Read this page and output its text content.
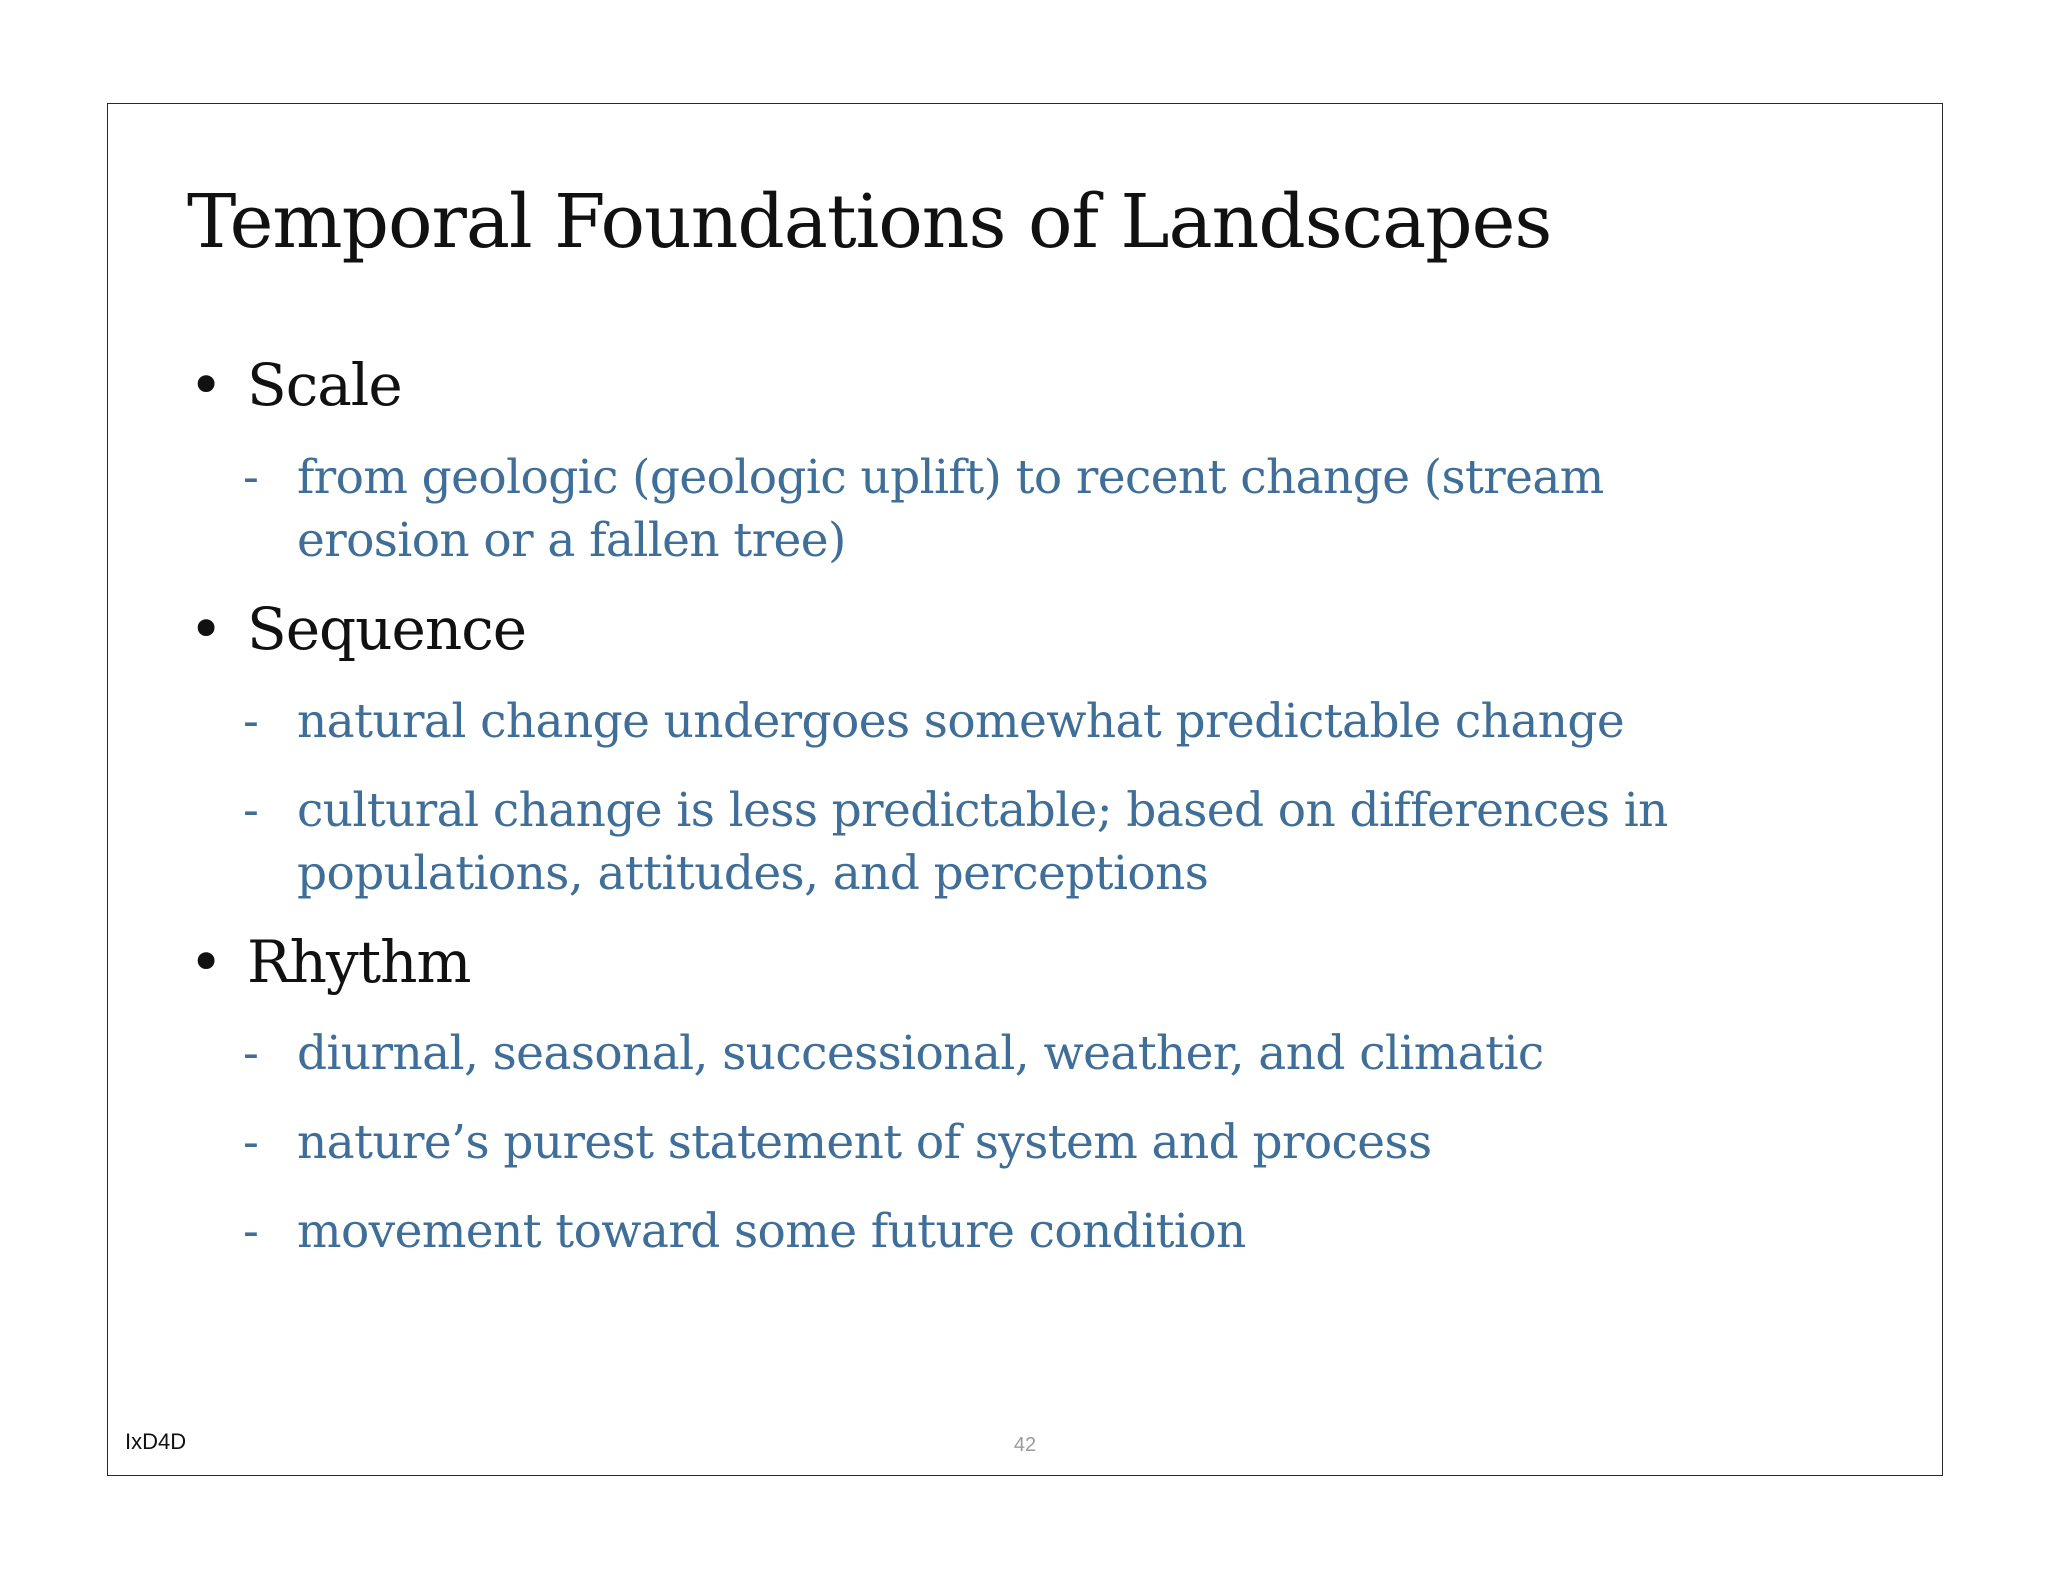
Temporal Foundations of Landscapes
• Scale
- from geologic (geologic uplift) to recent change (stream erosion or a fallen tree)
• Sequence
- natural change undergoes somewhat predictable change
- cultural change is less predictable; based on differences in populations, attitudes, and perceptions
• Rhythm
- diurnal, seasonal, successional, weather, and climatic
- nature’s purest statement of system and process
- movement toward some future condition
IxD4D	42
